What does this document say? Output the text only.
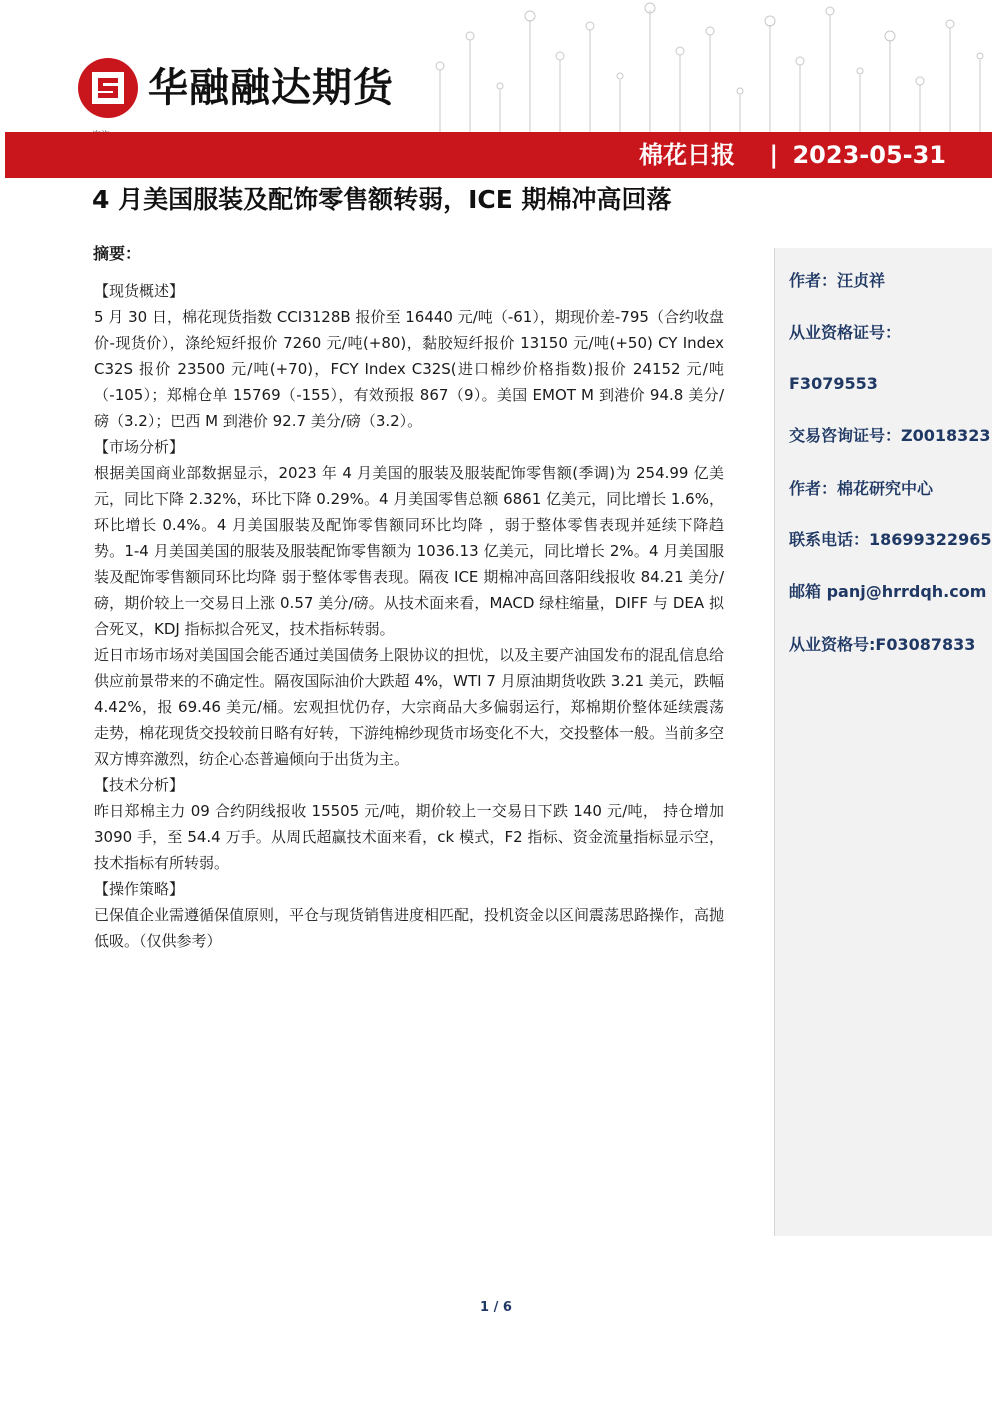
华融融达期货
棉花日报 | 2023-05-31
4 月美国服装及配饰零售额转弱，ICE 期棉冲高回落
摘要：

【现货概述】

5 月 30 日，棉花现货指数 CCI3128B 报价至 16440 元/吨（-61），期现价差-795（合约收盘价-现货价），涤纶短纤报价 7260 元/吨(+80)，黏胶短纤报价 13150 元/吨(+50) CY Index C32S 报价 23500 元/吨(+70)，FCY Index C32S(进口棉纱价格指数)报价 24152 元/吨（-105）；郑棉仓单 15769（-155），有效预报 867（9）。美国 EMOT M 到港价 94.8 美分/磅（3.2）；巴西 M 到港价 92.7 美分/磅（3.2）。

【市场分析】

根据美国商业部数据显示，2023 年 4 月美国的服装及服装配饰零售额(季调)为 254.99 亿美元，同比下降 2.32%，环比下降 0.29%。4 月美国零售总额 6861 亿美元，同比增长 1.6%，环比增长 0.4%。4 月美国服装及配饰零售额同环比均降 ，弱于整体零售表现并延续下降趋势。1-4 月美国美国的服装及服装配饰零售额为 1036.13 亿美元，同比增长 2%。4 月美国服装及配饰零售额同环比均降 弱于整体零售表现。隔夜 ICE 期棉冲高回落阳线报收 84.21 美分/磅，期价较上一交易日上涨 0.57 美分/磅。从技术面来看，MACD 绿柱缩量，DIFF 与 DEA 拟合死叉，KDJ 指标拟合死叉，技术指标转弱。

近日市场市场对美国国会能否通过美国债务上限协议的担忧，以及主要产油国发布的混乱信息给供应前景带来的不确定性。隔夜国际油价大跌超 4%，WTI 7 月原油期货收跌 3.21 美元，跌幅 4.42%，报 69.46 美元/桶。宏观担忧仍存，大宗商品大多偏弱运行，郑棉期价整体延续震荡走势，棉花现货交投较前日略有好转，下游纯棉纱现货市场变化不大，交投整体一般。当前多空双方博弈激烈，纺企心态普遍倾向于出货为主。

【技术分析】

昨日郑棉主力 09 合约阴线报收 15505 元/吨，期价较上一交易日下跌 140 元/吨， 持仓增加3090 手，至 54.4 万手。从周氏超赢技术面来看，ck 模式，F2 指标、资金流量指标显示空，技术指标有所转弱。

【操作策略】

已保值企业需遵循保值原则，平仓与现货销售进度相匹配，投机资金以区间震荡思路操作，高抛低吸。（仅供参考）

作者：汪贞祥
从业资格证号：
F3079553
交易咨询证号：Z0018323
作者：棉花研究中心
联系电话：18699322965
邮箱 panj@hrrdqh.com
从业资格号:F03087833
1 / 6
